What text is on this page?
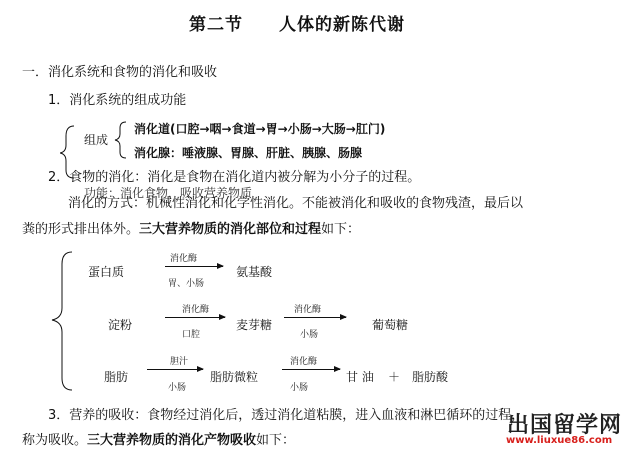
第二节　　人体的新陈代谢
一．消化系统和食物的消化和吸收
1．消化系统的组成功能
组成
消化道(口腔→咽→食道→胃→小肠→大肠→肛门)
消化腺：唾液腺、胃腺、肝脏、胰腺、肠腺
2．食物的消化：消化是食物在消化道内被分解为小分子的过程。
功能：消化食物，吸收营养物质
消化的方式：机械性消化和化学性消化。不能被消化和吸收的食物残渣，最后以
粪的形式排出体外。三大营养物质的消化部位和过程如下：
蛋白质
消化酶
胃、小肠
氨基酸
淀粉
消化酶
口腔
麦芽糖
消化酶
小肠
葡萄糖
脂肪
胆汁
小肠
脂肪微粒
消化酶
小肠
甘 油 ＋ 脂肪酸
3．营养的吸收：食物经过消化后，透过消化道粘膜，进入血液和淋巴循环的过程，
称为吸收。三大营养物质的消化产物吸收如下：
出国留学网
www.liuxue86.com
